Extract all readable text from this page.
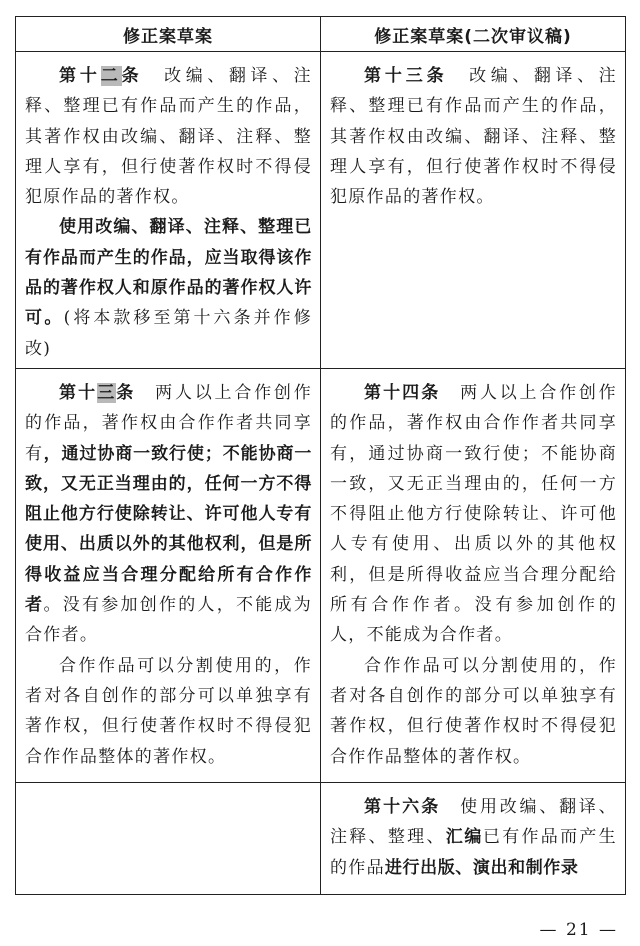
修正案草案	修正案草案(二次审议稿)

第十二条　 改编、翻译、注释、整理已有作品而产生的作品，其著作权由改编、翻译、注释、整理人享有，但行使著作权时不得侵犯原作品的著作权。

使用改编、翻译、注释、整理已有作品而产生的作品，应当取得该作品的著作权人和原作品的著作权人许可。(将本款移至第十六条并作修改)

第十三条　 改编、翻译、注释、整理已有作品而产生的作品，其著作权由改编、翻译、注释、整理人享有，但行使著作权时不得侵犯原作品的著作权。

第十三条　 两人以上合作创作的作品，著作权由合作作者共同享有，通过协商一致行使；不能协商一致，又无正当理由的，任何一方不得阻止他方行使除转让、许可他人专有使用、出质以外的其他权利，但是所得收益应当合理分配给所有合作作者。没有参加创作的人，不能成为合作者。

合作作品可以分割使用的，作者对各自创作的部分可以单独享有著作权，但行使著作权时不得侵犯合作作品整体的著作权。

第十四条　 两人以上合作创作的作品，著作权由合作作者共同享有，通过协商一致行使；不能协商一致，又无正当理由的，任何一方不得阻止他方行使除转让、许可他人专有使用、出质以外的其他权利，但是所得收益应当合理分配给所有合作作者。没有参加创作的人，不能成为合作者。

合作作品可以分割使用的，作者对各自创作的部分可以单独享有著作权，但行使著作权时不得侵犯合作作品整体的著作权。

第十六条　 使用改编、翻译、注释、整理、汇编已有作品而产生的作品进行出版、演出和制作录

— 21 —
